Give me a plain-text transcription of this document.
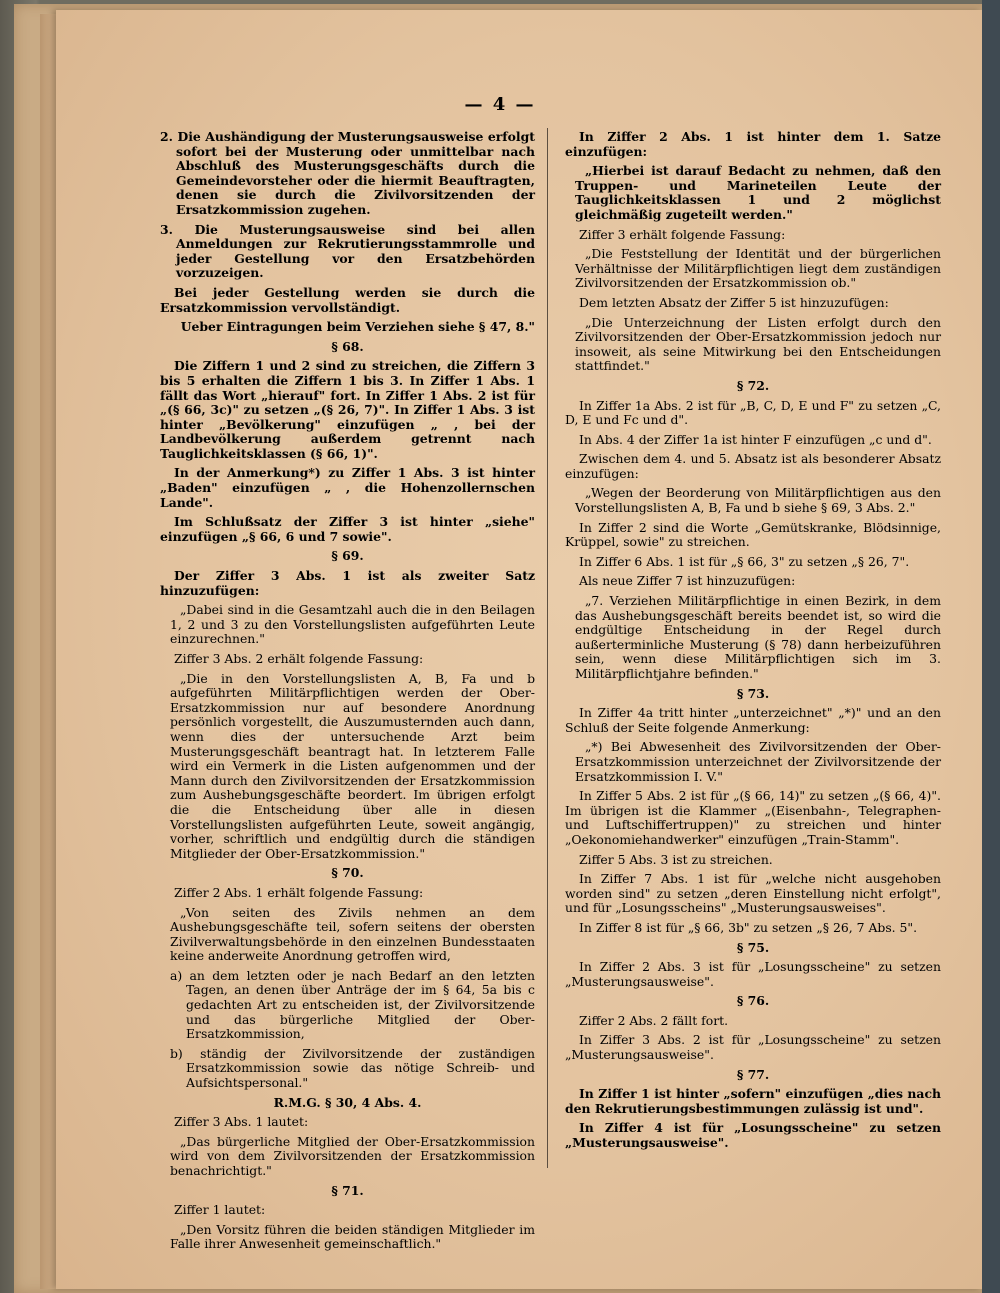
— 4 —

2. Die Aushändigung der Musterungsausweise erfolgt sofort bei der Musterung oder unmittelbar nach Abschluß des Musterungsgeschäfts durch die Gemeindevorsteher oder die hiermit Beauftragten, denen sie durch die Zivilvorsitzenden der Ersatzkommission zugehen.

3. Die Musterungsausweise sind bei allen Anmeldungen zur Rekrutierungsstammrolle und jeder Gestellung vor den Ersatzbehörden vorzuzeigen.

Bei jeder Gestellung werden sie durch die Ersatzkommission vervollständigt.

Ueber Eintragungen beim Verziehen siehe § 47, 8."

§ 68.

Die Ziffern 1 und 2 sind zu streichen, die Ziffern 3 bis 5 erhalten die Ziffern 1 bis 3. In Ziffer 1 Abs. 1 fällt das Wort „hierauf" fort. In Ziffer 1 Abs. 2 ist für „(§ 66, 3c)" zu setzen „(§ 26, 7)". In Ziffer 1 Abs. 3 ist hinter „Bevölkerung" einzufügen „ , bei der Landbevölkerung außerdem getrennt nach Tauglichkeitsklassen (§ 66, 1)".

In der Anmerkung*) zu Ziffer 1 Abs. 3 ist hinter „Baden" einzufügen „ , die Hohenzollernschen Lande".

Im Schlußsatz der Ziffer 3 ist hinter „siehe" einzufügen „§ 66, 6 und 7 sowie".

§ 69.

Der Ziffer 3 Abs. 1 ist als zweiter Satz hinzuzufügen:

„Dabei sind in die Gesamtzahl auch die in den Beilagen 1, 2 und 3 zu den Vorstellungslisten aufgeführten Leute einzurechnen."

Ziffer 3 Abs. 2 erhält folgende Fassung:

„Die in den Vorstellungslisten A, B, Fa und b aufgeführten Militärpflichtigen werden der Ober-Ersatzkommission nur auf besondere Anordnung persönlich vorgestellt, die Auszumusternden auch dann, wenn dies der untersuchende Arzt beim Musterungsgeschäft beantragt hat. In letzterem Falle wird ein Vermerk in die Listen aufgenommen und der Mann durch den Zivilvorsitzenden der Ersatzkommission zum Aushebungsgeschäfte beordert. Im übrigen erfolgt die die Entscheidung über alle in diesen Vorstellungslisten aufgeführten Leute, soweit angängig, vorher, schriftlich und endgültig durch die ständigen Mitglieder der Ober-Ersatzkommission."

§ 70.

Ziffer 2 Abs. 1 erhält folgende Fassung:

„Von seiten des Zivils nehmen an dem Aushebungsgeschäfte teil, sofern seitens der obersten Zivilverwaltungsbehörde in den einzelnen Bundesstaaten keine anderweite Anordnung getroffen wird,

a) an dem letzten oder je nach Bedarf an den letzten Tagen, an denen über Anträge der im § 64, 5a bis c gedachten Art zu entscheiden ist, der Zivilvorsitzende und das bürgerliche Mitglied der Ober-Ersatzkommission,

b) ständig der Zivilvorsitzende der zuständigen Ersatzkommission sowie das nötige Schreib- und Aufsichtspersonal."

R.M.G. § 30, 4 Abs. 4.

Ziffer 3 Abs. 1 lautet:

„Das bürgerliche Mitglied der Ober-Ersatzkommission wird von dem Zivilvorsitzenden der Ersatzkommission benachrichtigt."

§ 71.

Ziffer 1 lautet:

„Den Vorsitz führen die beiden ständigen Mitglieder im Falle ihrer Anwesenheit gemeinschaftlich."

In Ziffer 2 Abs. 1 ist hinter dem 1. Satze einzufügen:

„Hierbei ist darauf Bedacht zu nehmen, daß den Truppen- und Marineteilen Leute der Tauglichkeitsklassen 1 und 2 möglichst gleichmäßig zugeteilt werden."

Ziffer 3 erhält folgende Fassung:

„Die Feststellung der Identität und der bürgerlichen Verhältnisse der Militärpflichtigen liegt dem zuständigen Zivilvorsitzenden der Ersatzkommission ob."

Dem letzten Absatz der Ziffer 5 ist hinzuzufügen:

„Die Unterzeichnung der Listen erfolgt durch den Zivilvorsitzenden der Ober-Ersatzkommission jedoch nur insoweit, als seine Mitwirkung bei den Entscheidungen stattfindet."

§ 72.

In Ziffer 1a Abs. 2 ist für „B, C, D, E und F" zu setzen „C, D, E und Fc und d".

In Abs. 4 der Ziffer 1a ist hinter F einzufügen „c und d".

Zwischen dem 4. und 5. Absatz ist als besonderer Absatz einzufügen:

„Wegen der Beorderung von Militärpflichtigen aus den Vorstellungslisten A, B, Fa und b siehe § 69, 3 Abs. 2."

In Ziffer 2 sind die Worte „Gemütskranke, Blödsinnige, Krüppel, sowie" zu streichen.

In Ziffer 6 Abs. 1 ist für „§ 66, 3" zu setzen „§ 26, 7".

Als neue Ziffer 7 ist hinzuzufügen:

„7. Verziehen Militärpflichtige in einen Bezirk, in dem das Aushebungsgeschäft bereits beendet ist, so wird die endgültige Entscheidung in der Regel durch außerterminliche Musterung (§ 78) dann herbeizuführen sein, wenn diese Militärpflichtigen sich im 3. Militärpflichtjahre befinden."

§ 73.

In Ziffer 4a tritt hinter „unterzeichnet" „*)" und an den Schluß der Seite folgende Anmerkung:

„*) Bei Abwesenheit des Zivilvorsitzenden der Ober-Ersatzkommission unterzeichnet der Zivilvorsitzende der Ersatzkommission I. V."

In Ziffer 5 Abs. 2 ist für „(§ 66, 14)" zu setzen „(§ 66, 4)". Im übrigen ist die Klammer „(Eisenbahn-, Telegraphen- und Luftschiffertruppen)" zu streichen und hinter „Oekonomiehandwerker" einzufügen „Train-Stamm".

Ziffer 5 Abs. 3 ist zu streichen.

In Ziffer 7 Abs. 1 ist für „welche nicht ausgehoben worden sind" zu setzen „deren Einstellung nicht erfolgt", und für „Losungsscheins" „Musterungsausweises".

In Ziffer 8 ist für „§ 66, 3b" zu setzen „§ 26, 7 Abs. 5".

§ 75.

In Ziffer 2 Abs. 3 ist für „Losungsscheine" zu setzen „Musterungsausweise".

§ 76.

Ziffer 2 Abs. 2 fällt fort.

In Ziffer 3 Abs. 2 ist für „Losungsscheine" zu setzen „Musterungsausweise".

§ 77.

In Ziffer 1 ist hinter „sofern" einzufügen „dies nach den Rekrutierungsbestimmungen zulässig ist und".

In Ziffer 4 ist für „Losungsscheine" zu setzen „Musterungsausweise".
